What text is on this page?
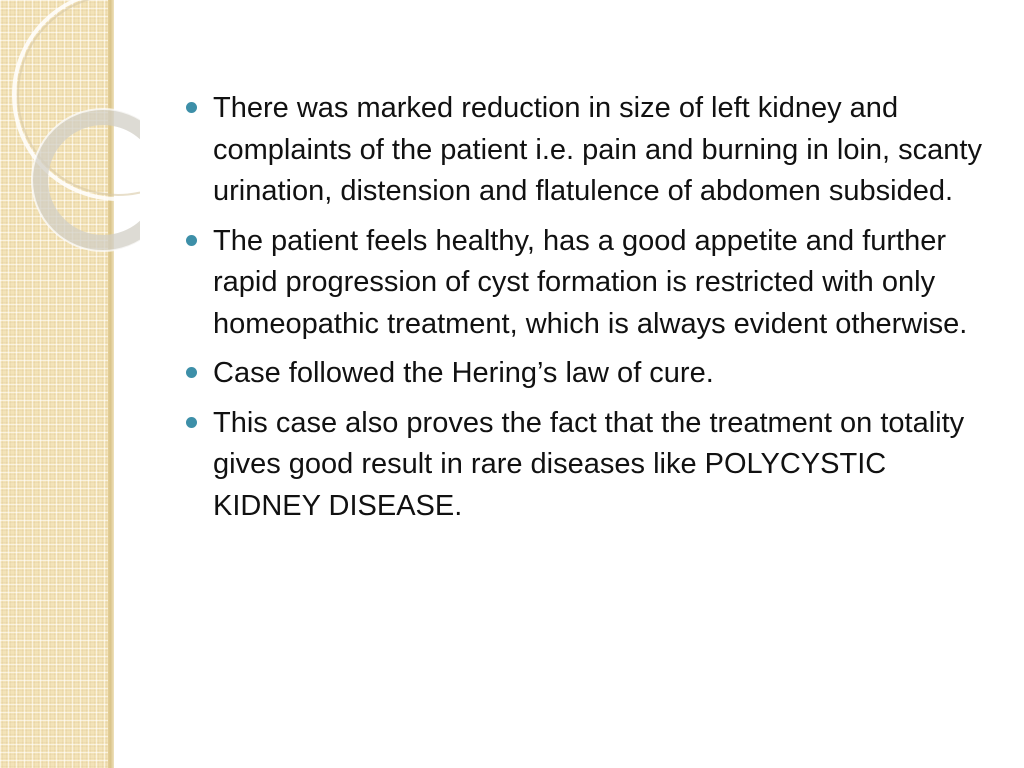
There was marked reduction in size of left kidney and complaints of the patient i.e. pain and burning in loin, scanty urination, distension and flatulence of abdomen subsided.
The patient feels healthy, has a good appetite and further rapid progression of cyst formation is restricted with only homeopathic treatment, which is always evident otherwise.
Case followed the Hering’s law of cure.
This case also proves the fact that the treatment on totality gives good result in rare diseases like POLYCYSTIC KIDNEY DISEASE.
